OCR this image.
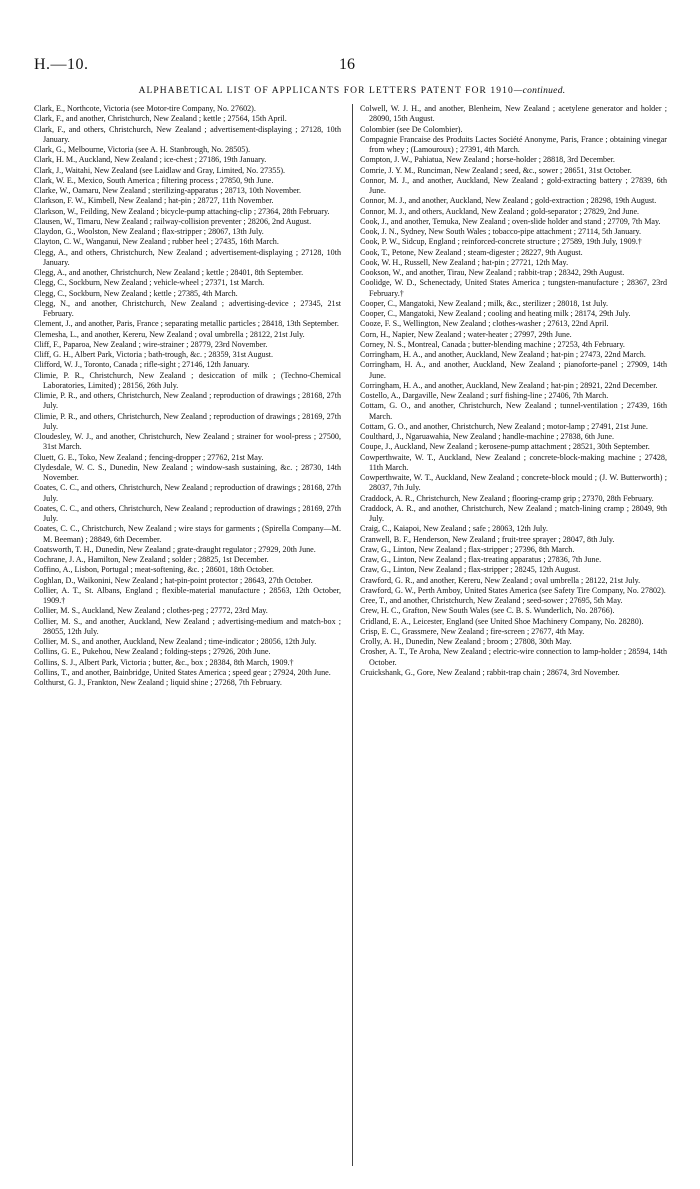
H.—10.	16
ALPHABETICAL LIST OF APPLICANTS FOR LETTERS PATENT FOR 1910—continued.

Clark, E., Northcote, Victoria (see Motor-tire Company, No. 27602).

Clark, F., and another, Christchurch, New Zealand ; kettle ; 27564, 15th April.

Clark, F., and others, Christchurch, New Zealand ; advertisement-displaying ; 27128, 10th January.

Clark, G., Melbourne, Victoria (see A. H. Stanbrough, No. 28505).

Clark, H. M., Auckland, New Zealand ; ice-chest ; 27186, 19th January.

Clark, J., Waitahi, New Zealand (see Laidlaw and Gray, Limited, No. 27355).

Clark, W. E., Mexico, South America ; filtering process ; 27850, 9th June.

Clarke, W., Oamaru, New Zealand ; sterilizing-apparatus ; 28713, 10th November.

Clarkson, F. W., Kimbell, New Zealand ; hat-pin ; 28727, 11th November.

Clarkson, W., Feilding, New Zealand ; bicycle-pump attaching-clip ; 27364, 28th February.

Clausen, W., Timaru, New Zealand ; railway-collision preventer ; 28206, 2nd August.

Claydon, G., Woolston, New Zealand ; flax-stripper ; 28067, 13th July.

Clayton, C. W., Wanganui, New Zealand ; rubber heel ; 27435, 16th March.

Clegg, A., and others, Christchurch, New Zealand ; advertisement-displaying ; 27128, 10th January.

Clegg, A., and another, Christchurch, New Zealand ; kettle ; 28401, 8th September.

Clegg, C., Sockburn, New Zealand ; vehicle-wheel ; 27371, 1st March.

Clegg, C., Sockburn, New Zealand ; kettle ; 27385, 4th March.

Clegg, N., and another, Christchurch, New Zealand ; advertising-device ; 27345, 21st February.

Clement, J., and another, Paris, France ; separating metallic particles ; 28418, 13th September.

Clemesha, L., and another, Kereru, New Zealand ; oval umbrella ; 28122, 21st July.

Cliff, F., Paparoa, New Zealand ; wire-strainer ; 28779, 23rd November.

Cliff, G. H., Albert Park, Victoria ; bath-trough, &c. ; 28359, 31st August.

Clifford, W. J., Toronto, Canada ; rifle-sight ; 27146, 12th January.

Climie, P. R., Christchurch, New Zealand ; desiccation of milk ; (Techno-Chemical Laboratories, Limited) ; 28156, 26th July.

Climie, P. R., and others, Christchurch, New Zealand ; reproduction of drawings ; 28168, 27th July.

Climie, P. R., and others, Christchurch, New Zealand ; reproduction of drawings ; 28169, 27th July.

Cloudesley, W. J., and another, Christchurch, New Zealand ; strainer for wool-press ; 27500, 31st March.

Cluett, G. E., Toko, New Zealand ; fencing-dropper ; 27762, 21st May.

Clydesdale, W. C. S., Dunedin, New Zealand ; window-sash sustaining, &c. ; 28730, 14th November.

Coates, C. C., and others, Christchurch, New Zealand ; reproduction of drawings ; 28168, 27th July.

Coates, C. C., and others, Christchurch, New Zealand ; reproduction of drawings ; 28169, 27th July.

Coates, C. C., Christchurch, New Zealand ; wire stays for garments ; (Spirella Company—M. M. Beeman) ; 28849, 6th December.

Coatsworth, T. H., Dunedin, New Zealand ; grate-draught regulator ; 27929, 20th June.

Cochrane, J. A., Hamilton, New Zealand ; solder ; 28825, 1st December.

Coffino, A., Lisbon, Portugal ; meat-softening, &c. ; 28601, 18th October.

Coghlan, D., Waikonini, New Zealand ; hat-pin-point protector ; 28643, 27th October.

Collier, A. T., St. Albans, England ; flexible-material manufacture ; 28563, 12th October, 1909.†

Collier, M. S., Auckland, New Zealand ; clothes-peg ; 27772, 23rd May.

Collier, M. S., and another, Auckland, New Zealand ; advertising-medium and match-box ; 28055, 12th July.

Collier, M. S., and another, Auckland, New Zealand ; time-indicator ; 28056, 12th July.

Collins, G. E., Pukehou, New Zealand ; folding-steps ; 27926, 20th June.

Collins, S. J., Albert Park, Victoria ; butter, &c., box ; 28384, 8th March, 1909.†

Collins, T., and another, Bainbridge, United States America ; speed gear ; 27924, 20th June.

Colthurst, G. J., Frankton, New Zealand ; liquid shine ; 27268, 7th February.

Colwell, W. J. H., and another, Blenheim, New Zealand ; acetylene generator and holder ; 28090, 15th August.

Colombier (see De Colombier).

Compagnie Francaise des Produits Lactes Société Anonyme, Paris, France ; obtaining vinegar from whey ; (Lamouroux) ; 27391, 4th March.

Compton, J. W., Pahiatua, New Zealand ; horse-holder ; 28818, 3rd December.

Comrie, J. Y. M., Runciman, New Zealand ; seed, &c., sower ; 28651, 31st October.

Connor, M. J., and another, Auckland, New Zealand ; gold-extracting battery ; 27839, 6th June.

Connor, M. J., and another, Auckland, New Zealand ; gold-extraction ; 28298, 19th August.

Connor, M. J., and others, Auckland, New Zealand ; gold-separator ; 27829, 2nd June.

Cook, J., and another, Temuka, New Zealand ; oven-slide holder and stand ; 27709, 7th May.

Cook, J. N., Sydney, New South Wales ; tobacco-pipe attachment ; 27114, 5th January.

Cook, P. W., Sidcup, England ; reinforced-concrete structure ; 27589, 19th July, 1909.†

Cook, T., Petone, New Zealand ; steam-digester ; 28227, 9th August.

Cook, W. H., Russell, New Zealand ; hat-pin ; 27721, 12th May.

Cookson, W., and another, Tirau, New Zealand ; rabbit-trap ; 28342, 29th August.

Coolidge, W. D., Schenectady, United States America ; tungsten-manufacture ; 28367, 23rd February.†

Cooper, C., Mangatoki, New Zealand ; milk, &c., sterilizer ; 28018, 1st July.

Cooper, C., Mangatoki, New Zealand ; cooling and heating milk ; 28174, 29th July.

Cooze, F. S., Wellington, New Zealand ; clothes-washer ; 27613, 22nd April.

Corn, H., Napier, New Zealand ; water-heater ; 27997, 29th June.

Corney, N. S., Montreal, Canada ; butter-blending machine ; 27253, 4th February.

Corringham, H. A., and another, Auckland, New Zealand ; hat-pin ; 27473, 22nd March.

Corringham, H. A., and another, Auckland, New Zealand ; pianoforte-panel ; 27909, 14th June.

Corringham, H. A., and another, Auckland, New Zealand ; hat-pin ; 28921, 22nd December.

Costello, A., Dargaville, New Zealand ; surf fishing-line ; 27406, 7th March.

Cottam, G. O., and another, Christchurch, New Zealand ; tunnel-ventilation ; 27439, 16th March.

Cottam, G. O., and another, Christchurch, New Zealand ; motor-lamp ; 27491, 21st June.

Coulthard, J., Ngaruawahia, New Zealand ; handle-machine ; 27838, 6th June.

Coupe, J., Auckland, New Zealand ; kerosene-pump attachment ; 28521, 30th September.

Cowperthwaite, W. T., Auckland, New Zealand ; concrete-block-making machine ; 27428, 11th March.

Cowperthwaite, W. T., Auckland, New Zealand ; concrete-block mould ; (J. W. Butterworth) ; 28037, 7th July.

Craddock, A. R., Christchurch, New Zealand ; flooring-cramp grip ; 27370, 28th February.

Craddock, A. R., and another, Christchurch, New Zealand ; match-lining cramp ; 28049, 9th July.

Craig, C., Kaiapoi, New Zealand ; safe ; 28063, 12th July.

Cranwell, B. F., Henderson, New Zealand ; fruit-tree sprayer ; 28047, 8th July.

Craw, G., Linton, New Zealand ; flax-stripper ; 27396, 8th March.

Craw, G., Linton, New Zealand ; flax-treating apparatus ; 27836, 7th June.

Craw, G., Linton, New Zealand ; flax-stripper ; 28245, 12th August.

Crawford, G. R., and another, Kereru, New Zealand ; oval umbrella ; 28122, 21st July.

Crawford, G. W., Perth Amboy, United States America (see Safety Tire Company, No. 27802).

Cree, T., and another, Christchurch, New Zealand ; seed-sower ; 27695, 5th May.

Crew, H. C., Grafton, New South Wales (see C. B. S. Wunderlich, No. 28766).

Cridland, E. A., Leicester, England (see United Shoe Machinery Company, No. 28280).

Crisp, E. C., Grassmere, New Zealand ; fire-screen ; 27677, 4th May.

Crolly, A. H., Dunedin, New Zealand ; broom ; 27808, 30th May.

Crosher, A. T., Te Aroha, New Zealand ; electric-wire connection to lamp-holder ; 28594, 14th October.

Cruickshank, G., Gore, New Zealand ; rabbit-trap chain ; 28674, 3rd November.
